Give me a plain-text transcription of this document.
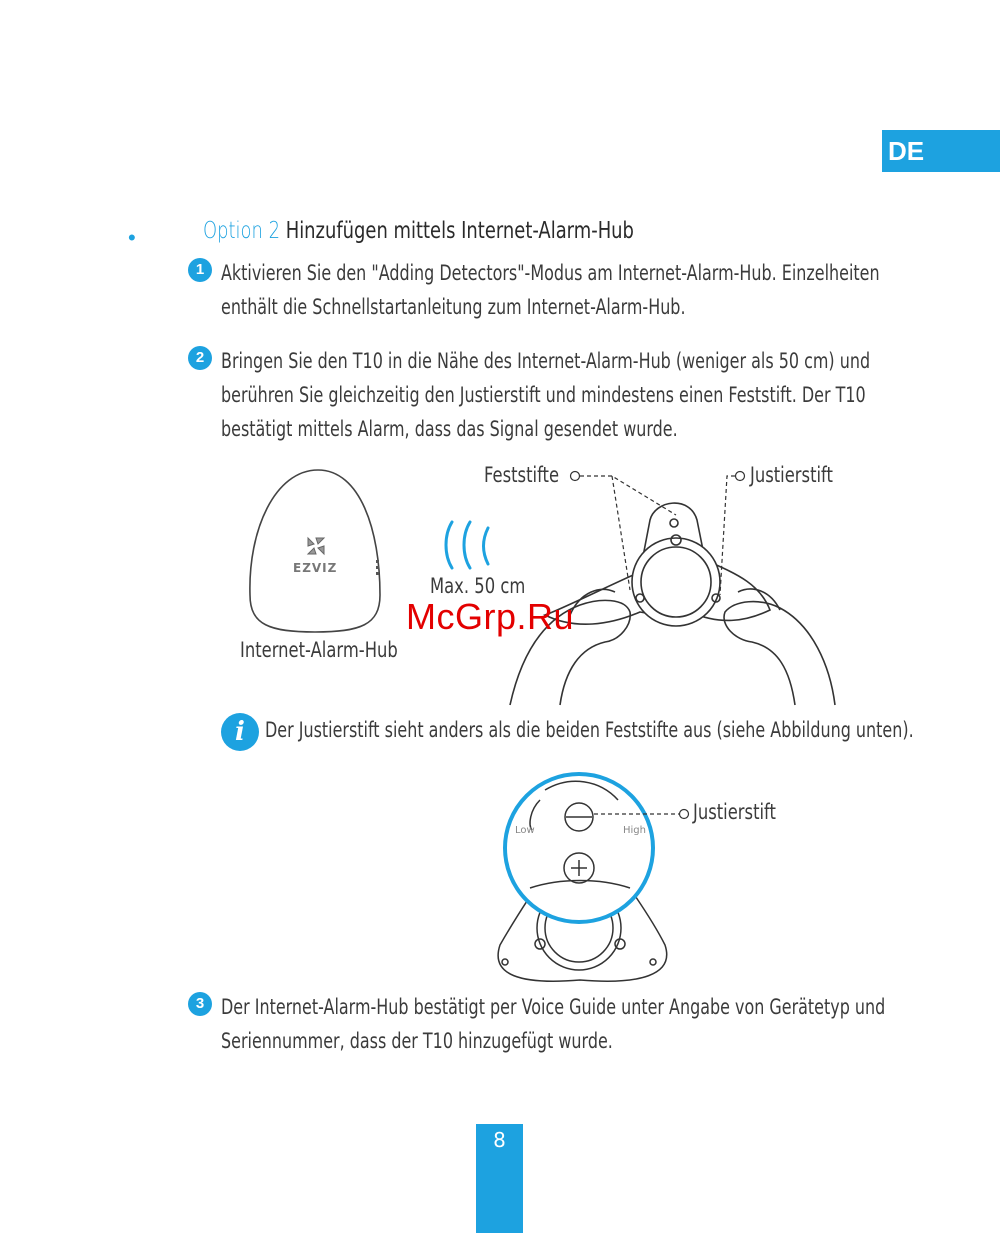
DE
•	Option 2 Hinzufügen mittels Internet-Alarm-Hub
1 Aktivieren Sie den "Adding Detectors"-Modus am Internet-Alarm-Hub. Einzelheiten
enthält die Schnellstartanleitung zum Internet-Alarm-Hub.
2 Bringen Sie den T10 in die Nähe des Internet-Alarm-Hub (weniger als 50 cm) und
berühren Sie gleichzeitig den Justierstift und mindestens einen Feststift. Der T10
bestätigt mittels Alarm, dass das Signal gesendet wurde.
Feststifte	Justierstift
EZVIZ
Max. 50 cm
Internet-Alarm-Hub
McGrp.Ru
i Der Justierstift sieht anders als die beiden Feststifte aus (siehe Abbildung unten).
Low	High
Justierstift
3 Der Internet-Alarm-Hub bestätigt per Voice Guide unter Angabe von Gerätetyp und
Seriennummer, dass der T10 hinzugefügt wurde.
8
